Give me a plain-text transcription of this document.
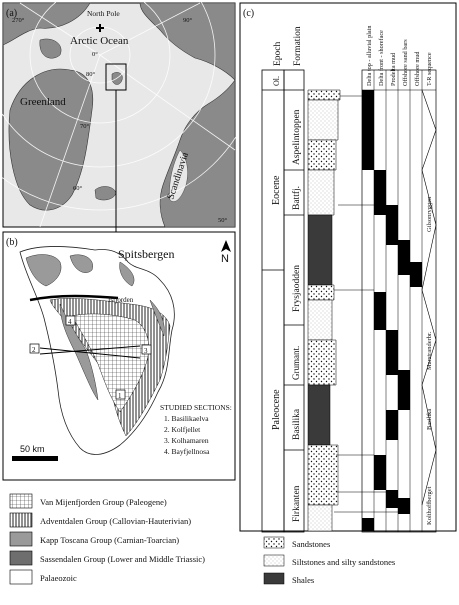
(a)	North Pole
Arctic Ocean
Greenland
Scandinavia
270°	90°
0°
80°
70°
60°
50°
(b)
N
Spitsbergen
Isfjorden
4
2	3
1
STUDIED SECTIONS:
1. Basilikaelva
2. Kolfjellet
3. Kolhamaren
4. Bayfjellnosa
50 km
Van Mijenfjorden Group (Paleogene)
Adventdalen Group (Callovian-Hauterivian)
Kapp Toscana Group (Carnian-Toarcian)
Sassendalen Group (Lower and Middle Triassic)
Palaeozoic
(c)
Epoch Formation
Ol.
Eocene
Paleocene
Aspelintoppen
Battfj.
Frysjaodden
Grumant.
Basilika
Firkanten
Delta top - alluvial plain Delta front - shoreface Prodelta mud Offshore sand bars Offshore mud T-R sequence
Gilsonryggen
Marstranderbr.
Basilika
Kolthoffberget
Sandstones
Siltstones and silty sandstones
Shales
